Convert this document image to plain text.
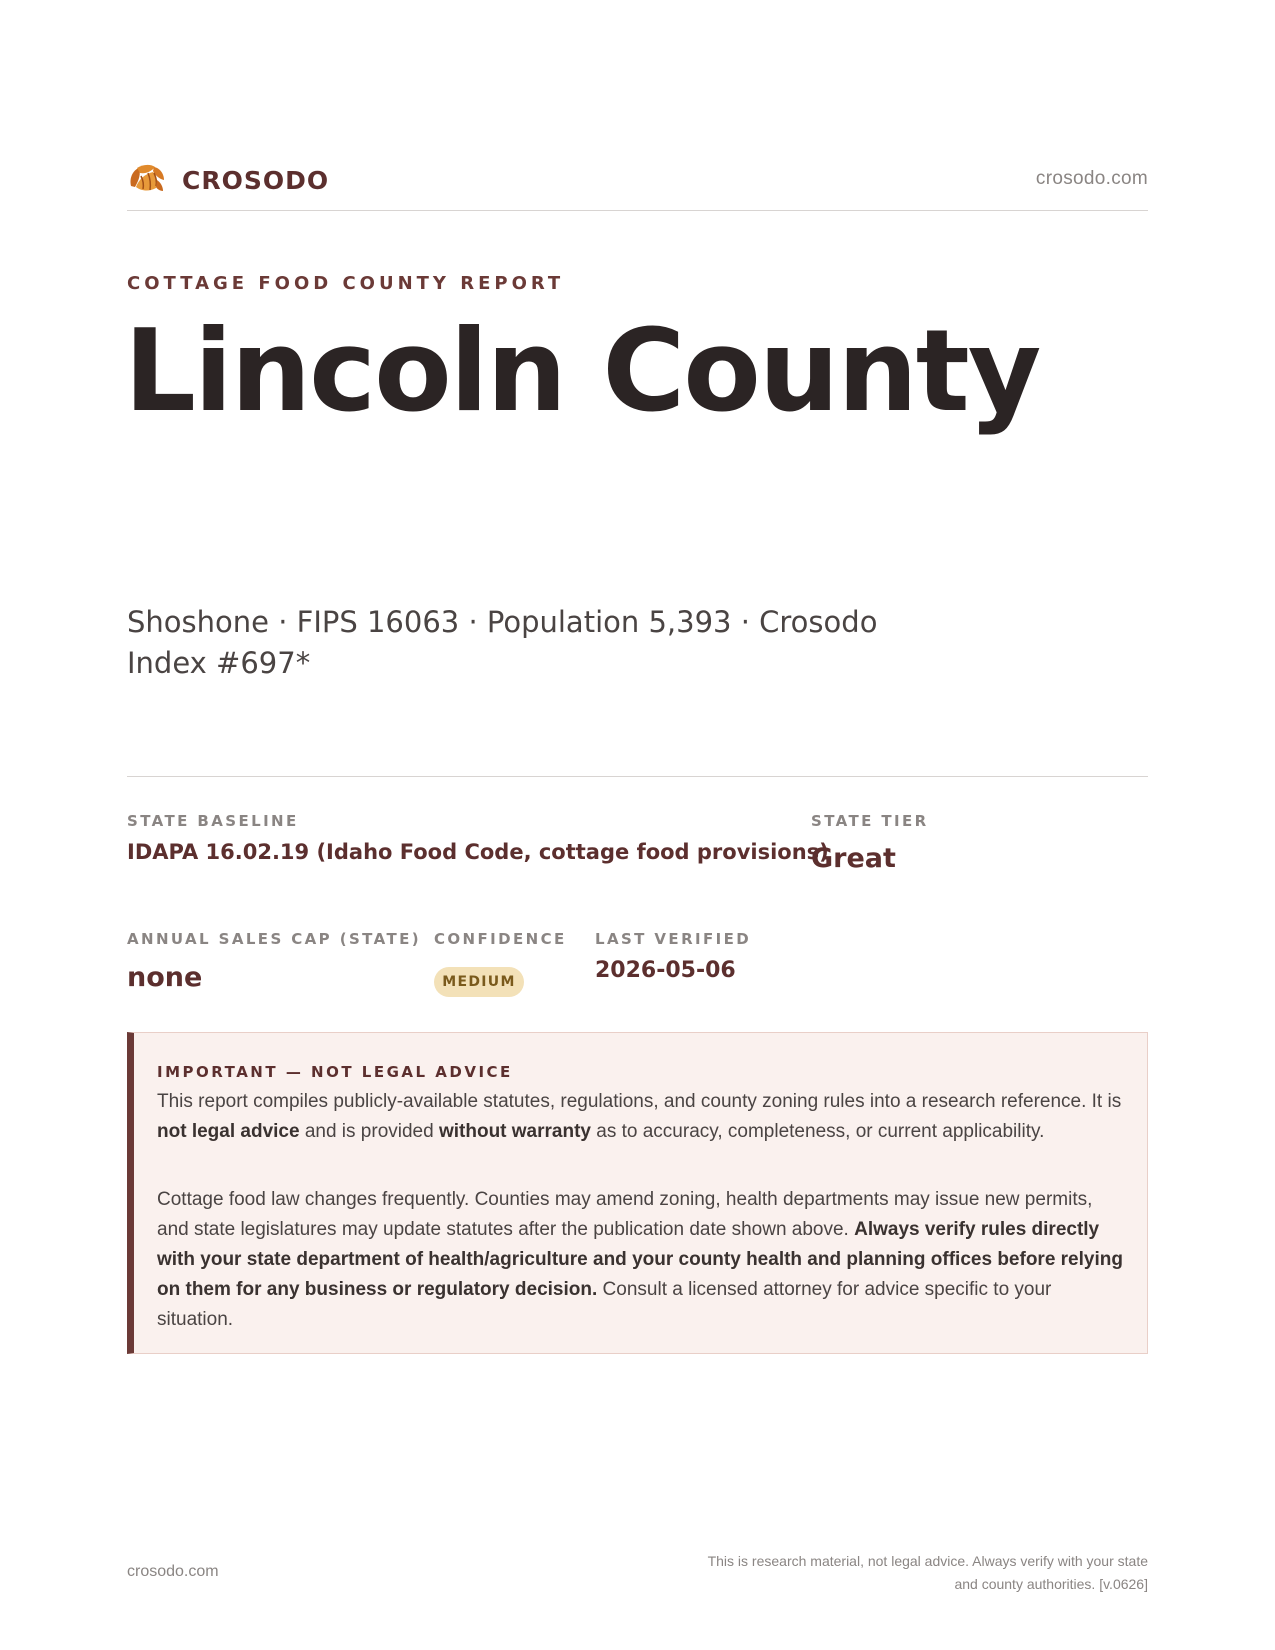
CROSODO	crosodo.com
COTTAGE FOOD COUNTY REPORT
Lincoln County
Shoshone · FIPS 16063 · Population 5,393 · Crosodo Index #697*
STATE BASELINE
IDAPA 16.02.19 (Idaho Food Code, cottage food provisions)
STATE TIER
Great
ANNUAL SALES CAP (STATE)
none
CONFIDENCE
MEDIUM
LAST VERIFIED
2026-05-06
IMPORTANT — NOT LEGAL ADVICE
This report compiles publicly-available statutes, regulations, and county zoning rules into a research reference. It is not legal advice and is provided without warranty as to accuracy, completeness, or current applicability.
Cottage food law changes frequently. Counties may amend zoning, health departments may issue new permits, and state legislatures may update statutes after the publication date shown above. Always verify rules directly with your state department of health/agriculture and your county health and planning offices before relying on them for any business or regulatory decision. Consult a licensed attorney for advice specific to your situation.
crosodo.com
This is research material, not legal advice. Always verify with your state
and county authorities. [v.0626]
